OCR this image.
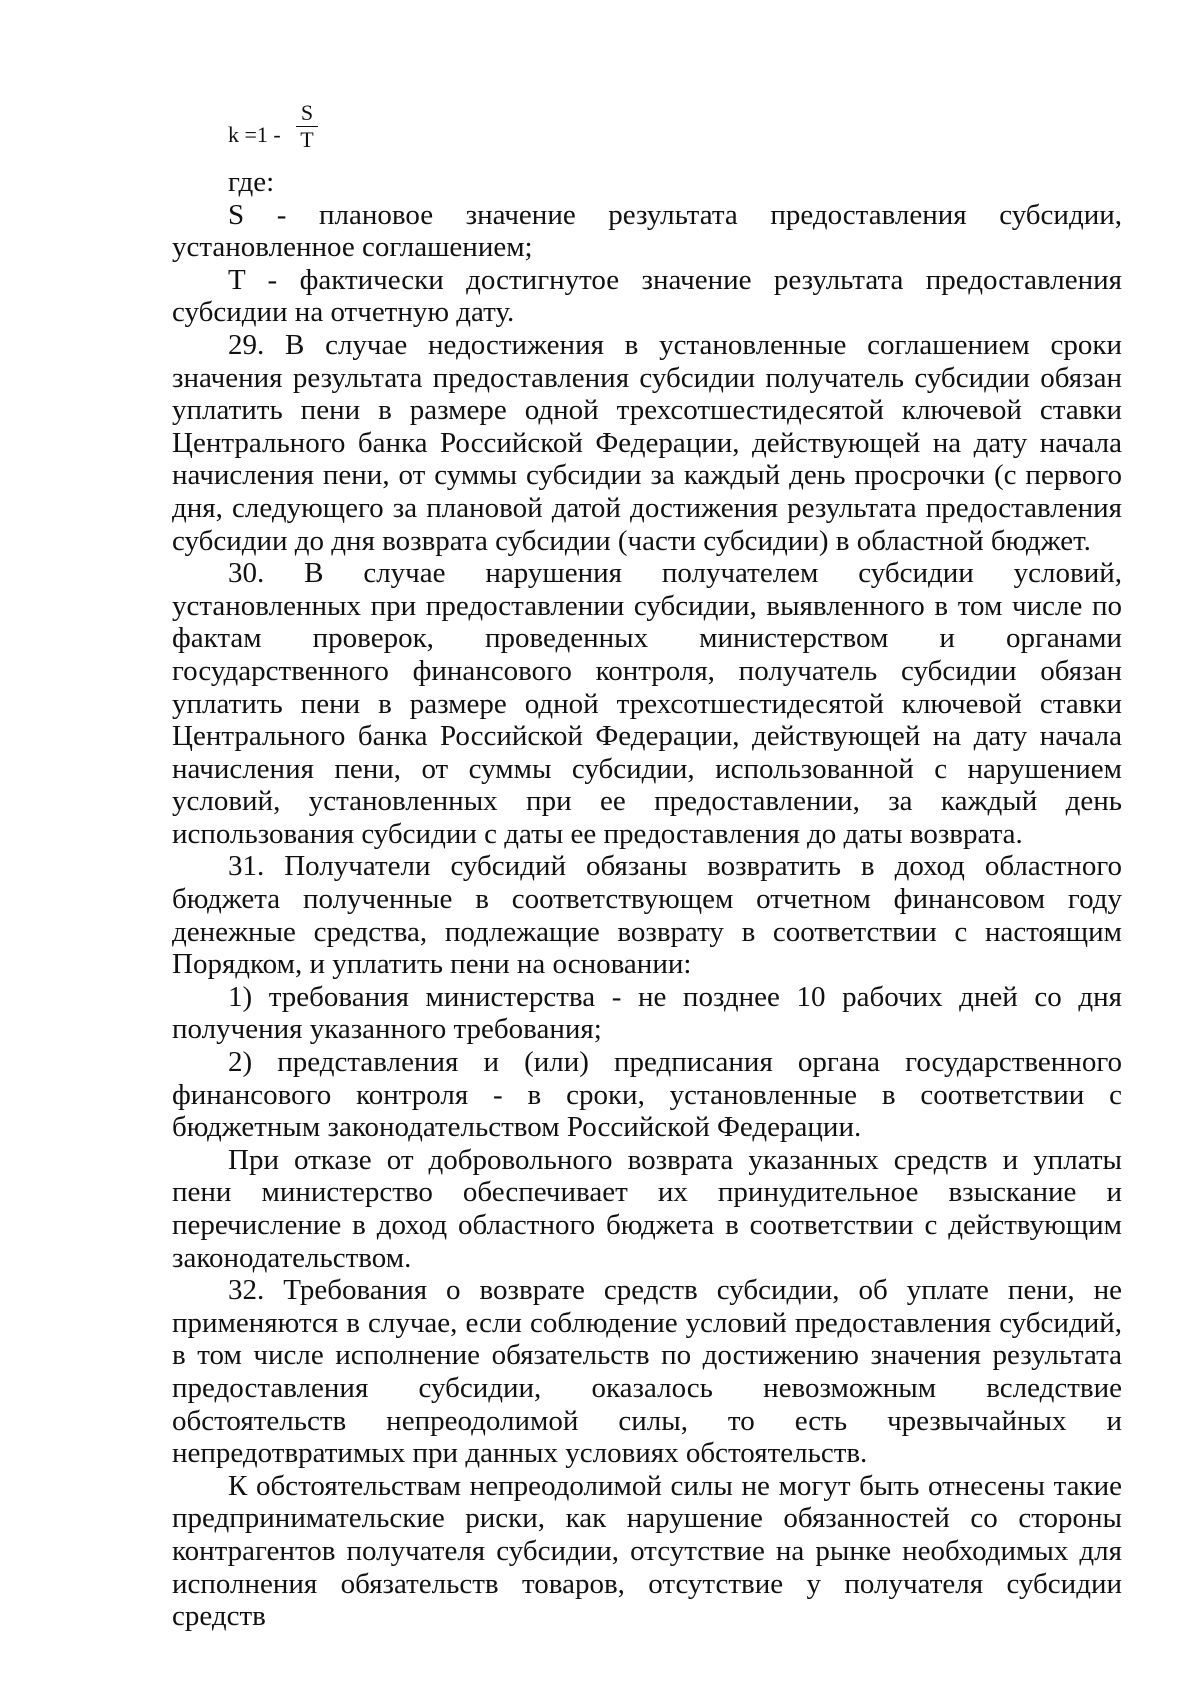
k =1 -
S
T

где:

S - плановое значение результата предоставления субсидии, установленное соглашением;

T - фактически достигнутое значение результата предоставления субсидии на отчетную дату.

29. В случае недостижения в установленные соглашением сроки значения результата предоставления субсидии получатель субсидии обязан уплатить пени в размере одной трехсотшестидесятой ключевой ставки Центрального банка Российской Федерации, действующей на дату начала начисления пени, от суммы субсидии за каждый день просрочки (с первого дня, следующего за плановой датой достижения результата предоставления субсидии до дня возврата субсидии (части субсидии) в областной бюджет.

30. В случае нарушения получателем субсидии условий, установленных при предоставлении субсидии, выявленного в том числе по фактам проверок, проведенных министерством и органами государственного финансового контроля, получатель субсидии обязан уплатить пени в размере одной трехсотшестидесятой ключевой ставки Центрального банка Российской Федерации, действующей на дату начала начисления пени, от суммы субсидии, использованной с нарушением условий, установленных при ее предоставлении, за каждый день использования субсидии с даты ее предоставления до даты возврата.

31. Получатели субсидий обязаны возвратить в доход областного бюджета полученные в соответствующем отчетном финансовом году денежные средства, подлежащие возврату в соответствии с настоящим Порядком, и уплатить пени на основании:

1) требования министерства - не позднее 10 рабочих дней со дня получения указанного требования;

2) представления и (или) предписания органа государственного финансового контроля - в сроки, установленные в соответствии с бюджетным законодательством Российской Федерации.

При отказе от добровольного возврата указанных средств и уплаты пени министерство обеспечивает их принудительное взыскание и перечисление в доход областного бюджета в соответствии с действующим законодательством.

32. Требования о возврате средств субсидии, об уплате пени, не применяются в случае, если соблюдение условий предоставления субсидий, в том числе исполнение обязательств по достижению значения результата предоставления субсидии, оказалось невозможным вследствие обстоятельств непреодолимой силы, то есть чрезвычайных и непредотвратимых при данных условиях обстоятельств.

К обстоятельствам непреодолимой силы не могут быть отнесены такие предпринимательские риски, как нарушение обязанностей со стороны контрагентов получателя субсидии, отсутствие на рынке необходимых для исполнения обязательств товаров, отсутствие у получателя субсидии средств
